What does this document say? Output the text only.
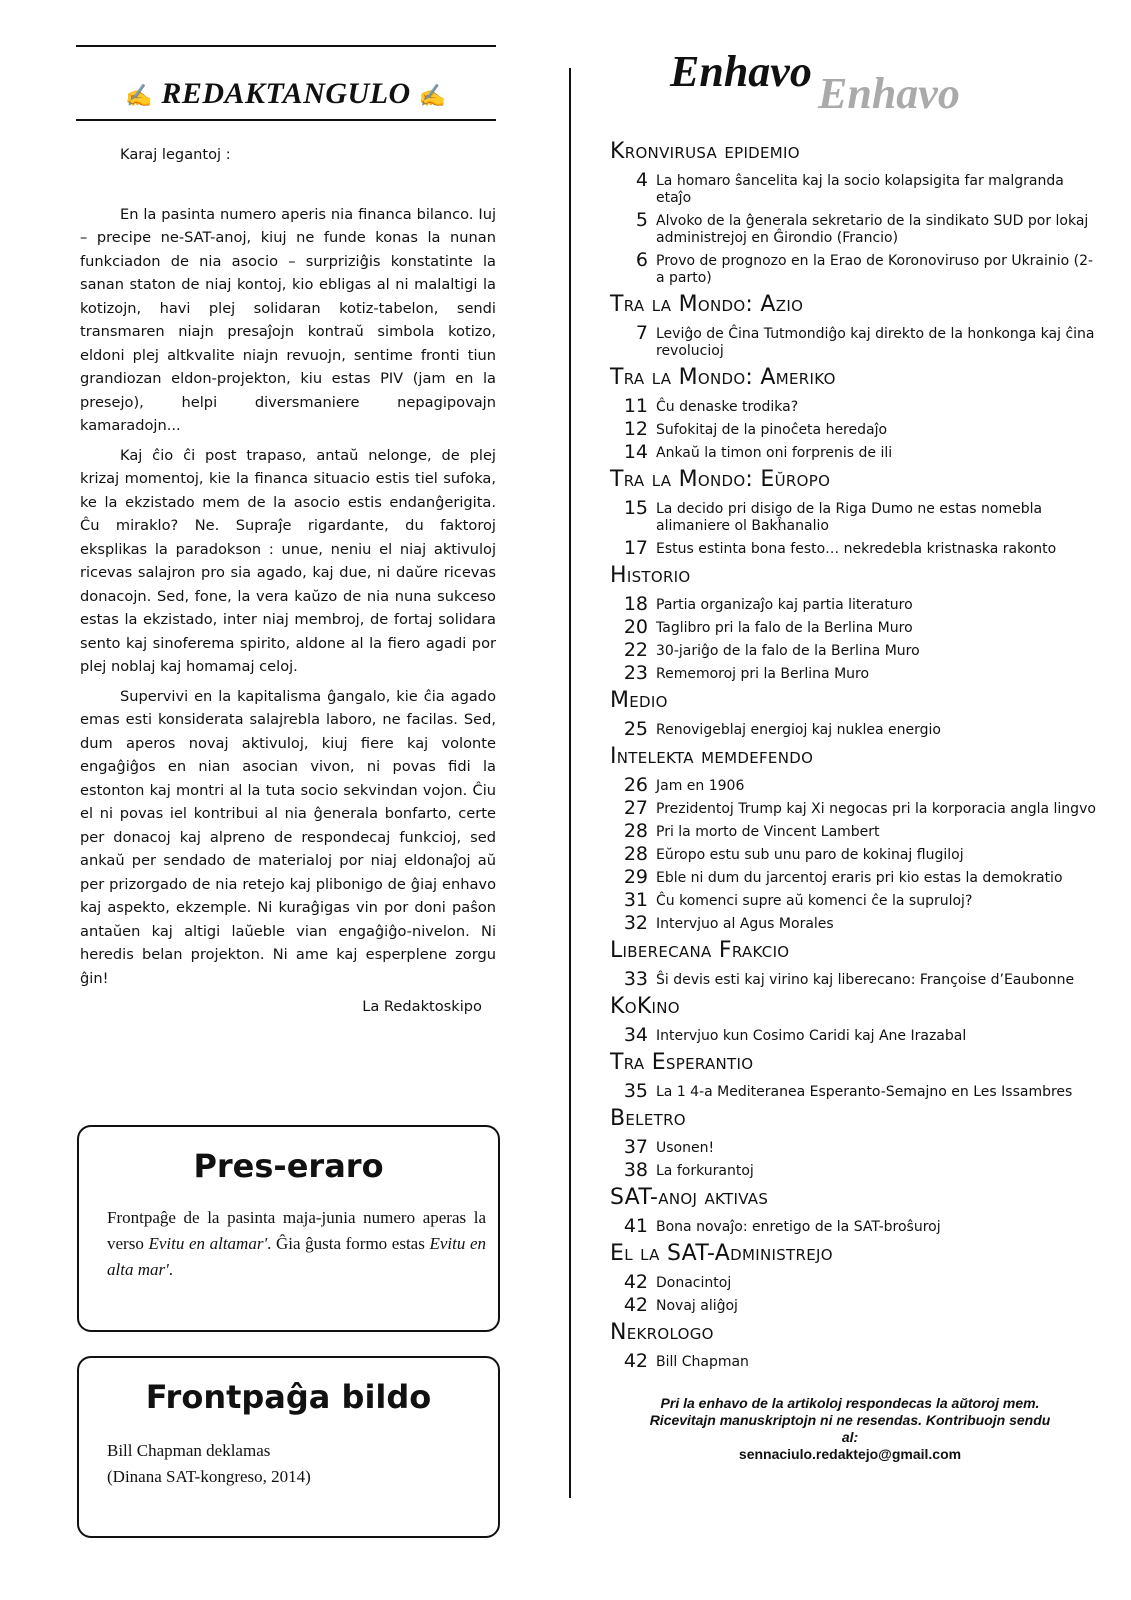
✍ REDAKTANGULO ✍

Karaj legantoj :

En la pasinta numero aperis nia financa bilanco. Iuj – precipe ne-SAT-anoj, kiuj ne funde konas la nunan funkciadon de nia asocio – surpriziĝis konstatinte la sanan staton de niaj kontoj, kio ebligas al ni malaltigi la kotizojn, havi plej solidaran kotiz-tabelon, sendi transmaren niajn presaĵojn kontraŭ simbola kotizo, eldoni plej altkvalite niajn revuojn, sentime fronti tiun grandiozan eldon-projekton, kiu estas PIV (jam en la presejo), helpi diversmaniere nepagipovajn kamaradojn...

Kaj ĉio ĉi post trapaso, antaŭ nelonge, de plej krizaj momentoj, kie la financa situacio estis tiel sufoka, ke la ekzistado mem de la asocio estis endanĝerigita. Ĉu miraklo? Ne. Supraĵe rigardante, du faktoroj eksplikas la paradokson : unue, neniu el niaj aktivuloj ricevas salajron pro sia agado, kaj due, ni daŭre ricevas donacojn. Sed, fone, la vera kaŭzo de nia nuna sukceso estas la ekzistado, inter niaj membroj, de fortaj solidara sento kaj sinoferema spirito, aldone al la fiero agadi por plej noblaj kaj homamaj celoj.

Supervivi en la kapitalisma ĝangalo, kie ĉia agado emas esti konsiderata salajrebla laboro, ne facilas. Sed, dum aperos novaj aktivuloj, kiuj fiere kaj volonte engaĝiĝos en nian asocian vivon, ni povas fidi la estonton kaj montri al la tuta socio sekvindan vojon. Ĉiu el ni povas iel kontribui al nia ĝenerala bonfarto, certe per donacoj kaj alpreno de respondecaj funkcioj, sed ankaŭ per sendado de materialoj por niaj eldonaĵoj aŭ per prizorgado de nia retejo kaj plibonigo de ĝiaj enhavo kaj aspekto, ekzemple. Ni kuraĝigas vin por doni paŝon antaŭen kaj altigi laŭeble vian engaĝiĝo-nivelon. Ni heredis belan projekton. Ni ame kaj esperplene zorgu ĝin!

La Redaktoskipo
Pres-eraro
Frontpaĝe de la pasinta maja-junia numero aperas la verso Evitu en altamar'. Ĝia ĝusta formo estas Evitu en alta mar'.
Frontpaĝa bildo
Bill Chapman deklamas
(Dinana SAT-kongreso, 2014)
Enhavo
Enhavo
Kronvirusa epidemio
4 La homaro ŝancelita kaj la socio kolapsigita far malgranda etaĵo
5 Alvoko de la ĝenerala sekretario de la sindikato SUD por lokaj administrejoj en Ĝirondio (Francio)
6 Provo de prognozo en la Erao de Koronoviruso por Ukrainio (2-a parto)
Tra la Mondo: Azio
7 Leviĝo de Ĉina Tutmondiĝo kaj direkto de la honkonga kaj ĉina revolucioj
Tra la Mondo: Ameriko
11 Ĉu denaske trodika?
12 Sufokitaj de la pinoĉeta heredaĵo
14 Ankaŭ la timon oni forprenis de ili
Tra la Mondo: Eŭropo
15 La decido pri disigo de la Riga Dumo ne estas nomebla alimaniere ol Bakĥanalio
17 Estus estinta bona festo… nekredebla kristnaska rakonto
Historio
18 Partia organizaĵo kaj partia literaturo
20 Taglibro pri la falo de la Berlina Muro
22 30-jariĝo de la falo de la Berlina Muro
23 Rememoroj pri la Berlina Muro
Medio
25 Renovigeblaj energioj kaj nuklea energio
Intelekta memdefendo
26 Jam en 1906
27 Prezidentoj Trump kaj Xi negocas pri la korporacia angla lingvo
28 Pri la morto de Vincent Lambert
28 Eŭropo estu sub unu paro de kokinaj flugiloj
29 Eble ni dum du jarcentoj eraris pri kio estas la demokratio
31 Ĉu komenci supre aŭ komenci ĉe la supruloj?
32 Intervjuo al Agus Morales
Liberecana Frakcio
33 Ŝi devis esti kaj virino kaj liberecano: Françoise d’Eaubonne
KoKino
34 Intervjuo kun Cosimo Caridi kaj Ane Irazabal
Tra Esperantio
35 La 1 4-a Mediteranea Esperanto-Semajno en Les Issambres
Beletro
37 Usonen!
38 La forkurantoj
SAT-anoj aktivas
41 Bona novaĵo: enretigo de la SAT-broŝuroj
El la SAT-Administrejo
42 Donacintoj
42 Novaj aliĝoj
Nekrologo
42 Bill Chapman
Pri la enhavo de la artikoloj respondecas la aŭtoroj mem. Ricevitajn manuskriptojn ni ne resendas. Kontribuojn sendu al:
sennaciulo.redaktejo@gmail.com
